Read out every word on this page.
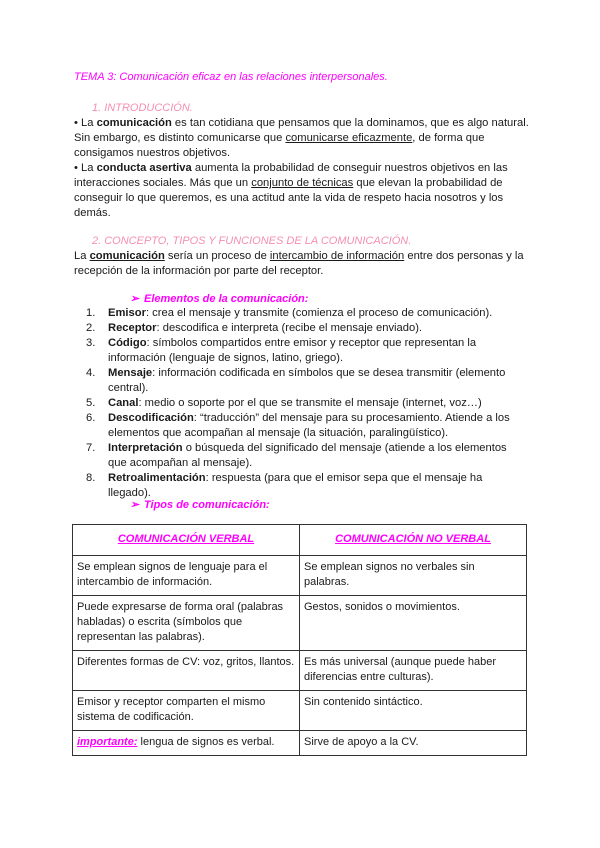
TEMA 3: Comunicación eficaz en las relaciones interpersonales.
1. INTRODUCCIÓN.

• La comunicación es tan cotidiana que pensamos que la dominamos, que es algo natural. Sin embargo, es distinto comunicarse que comunicarse eficazmente, de forma que consigamos nuestros objetivos.

• La conducta asertiva aumenta la probabilidad de conseguir nuestros objetivos en las interacciones sociales. Más que un conjunto de técnicas que elevan la probabilidad de conseguir lo que queremos, es una actitud ante la vida de respeto hacia nosotros y los demás.

2. CONCEPTO, TIPOS Y FUNCIONES DE LA COMUNICACIÓN.

La comunicación sería un proceso de intercambio de información entre dos personas y la recepción de la información por parte del receptor.

➢ Elementos de la comunicación:
1. Emisor: crea el mensaje y transmite (comienza el proceso de comunicación).
2. Receptor: descodifica e interpreta (recibe el mensaje enviado).
3. Código: símbolos compartidos entre emisor y receptor que representan la información (lenguaje de signos, latino, griego).
4. Mensaje: información codificada en símbolos que se desea transmitir (elemento central).
5. Canal: medio o soporte por el que se transmite el mensaje (internet, voz…)
6. Descodificación: “traducción” del mensaje para su procesamiento. Atiende a los elementos que acompañan al mensaje (la situación, paralingüístico).
7. Interpretación o búsqueda del significado del mensaje (atiende a los elementos que acompañan al mensaje).
8. Retroalimentación: respuesta (para que el emisor sepa que el mensaje ha llegado).
➢ Tipos de comunicación:
COMUNICACIÓN VERBAL	COMUNICACIÓN NO VERBAL
Se emplean signos de lenguaje para el intercambio de información.	Se emplean signos no verbales sin palabras.
Puede expresarse de forma oral (palabras habladas) o escrita (símbolos que representan las palabras).	Gestos, sonidos o movimientos.
Diferentes formas de CV: voz, gritos, llantos.	Es más universal (aunque puede haber diferencias entre culturas).
Emisor y receptor comparten el mismo sistema de codificación.	Sin contenido sintáctico.
importante: lengua de signos es verbal.	Sirve de apoyo a la CV.
